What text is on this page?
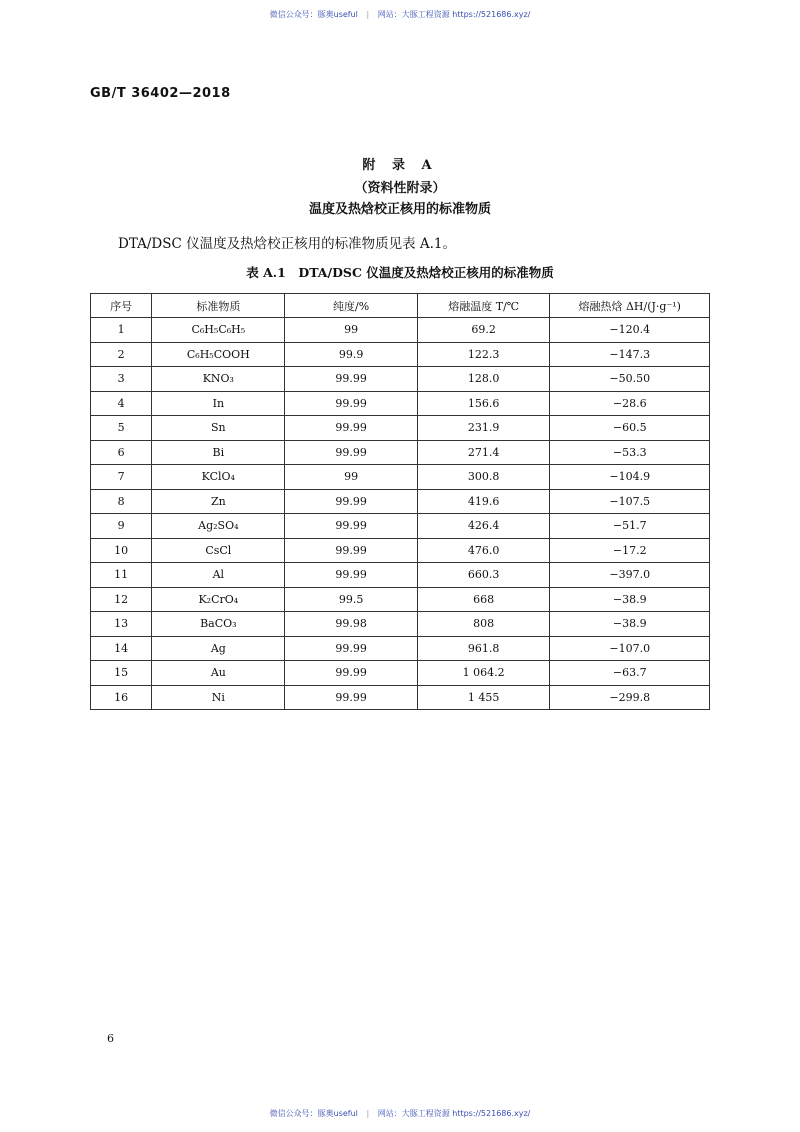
微信公众号：豚奥useful | 网站：大豚工程资源 https://521686.xyz/
GB/T 36402—2018
附 录 A
（资料性附录）
温度及热焓校正核用的标准物质
DTA/DSC 仪温度及热焓校正核用的标准物质见表 A.1。
表 A.1　DTA/DSC 仪温度及热焓校正核用的标准物质
序号	标准物质	纯度/%	熔融温度 T/℃	熔融热焓 ΔH/(J·g⁻¹)
1	C₆H₅C₆H₅	99	69.2	−120.4
2	C₆H₅COOH	99.9	122.3	−147.3
3	KNO₃	99.99	128.0	−50.50
4	In	99.99	156.6	−28.6
5	Sn	99.99	231.9	−60.5
6	Bi	99.99	271.4	−53.3
7	KClO₄	99	300.8	−104.9
8	Zn	99.99	419.6	−107.5
9	Ag₂SO₄	99.99	426.4	−51.7
10	CsCl	99.99	476.0	−17.2
11	Al	99.99	660.3	−397.0
12	K₂CrO₄	99.5	668	−38.9
13	BaCO₃	99.98	808	−38.9
14	Ag	99.99	961.8	−107.0
15	Au	99.99	1 064.2	−63.7
16	Ni	99.99	1 455	−299.8
6
微信公众号：豚奥useful | 网站：大豚工程资源 https://521686.xyz/
